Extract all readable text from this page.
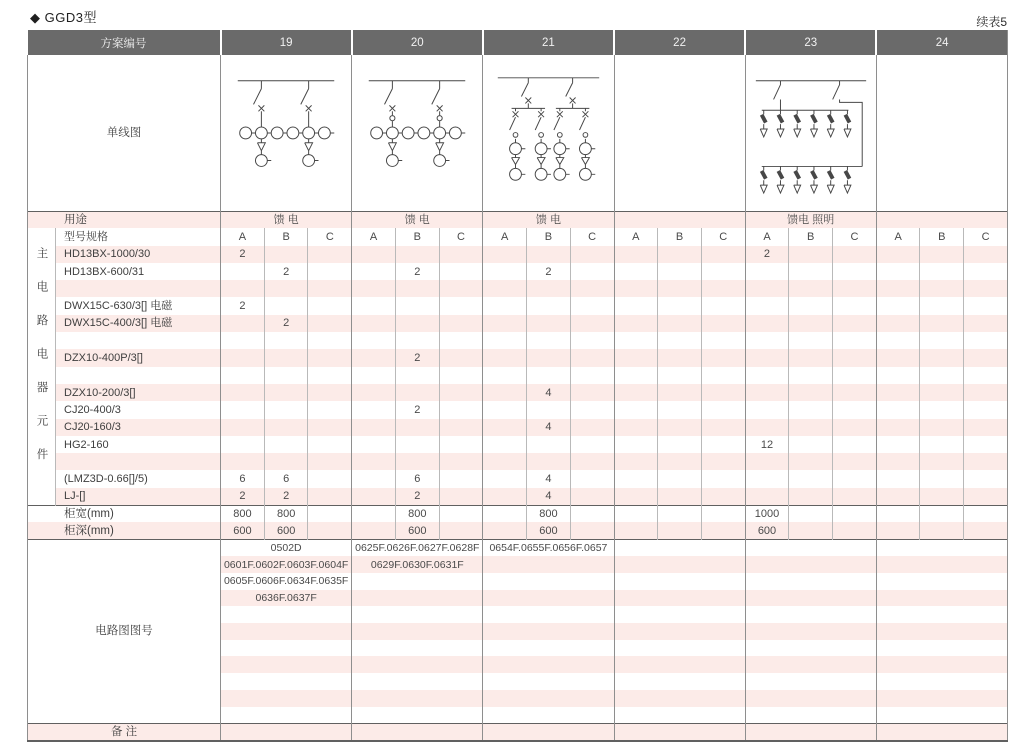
◆ GGD3型	续表5
方案编号		19			20			21			22			23			24		
单线图						
用途		馈 电			馈 电			馈 电						馈电 照明					
主电路电器元件	型号规格	A	B	C	A	B	C	A	B	C	A	B	C	A	B	C	A	B	C
	HD13BX-1000/30	2												2					
	HD13BX-600/31		2			2			2										

	DWX15C-630/3[] 电磁	2																	
	DWX15C-400/3[] 电磁		2																

	DZX10-400P/3[]					2													

	DZX10-200/3[]								4										
	CJ20-400/3					2													
	CJ20-160/3								4										
	HG2-160													12					

	(LMZ3D-0.66[]/5)	6	6			6			4										
	LJ-[]	2	2			2			4										
柜宽(mm)		800	800			800			800					1000					
柜深(mm)		600	600			600			600					600					
电路图图号		0502D			0625F.0626F.0627F.0628F			0654F.0655F.0656F.0657											
		0601F.0602F.0603F.0604F			0629F.0630F.0631F														
		0605F.0606F.0634F.0635F																	
		0636F.0637F																	

备 注																			
